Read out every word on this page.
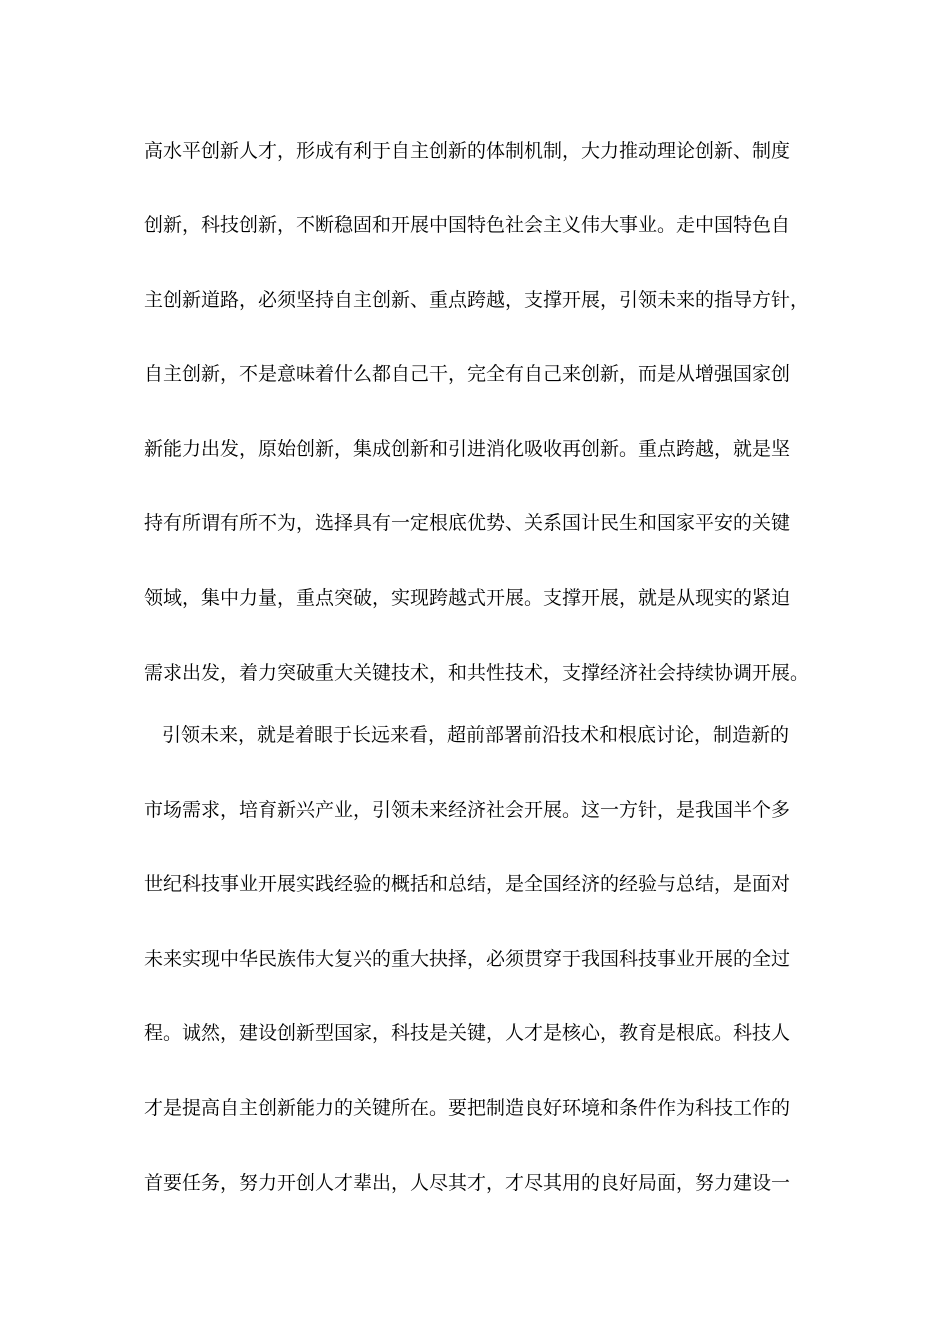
高水平创新人才，形成有利于自主创新的体制机制，大力推动理论创新、制度
创新，科技创新，不断稳固和开展中国特色社会主义伟大事业。走中国特色自
主创新道路，必须坚持自主创新、重点跨越，支撑开展，引领未来的指导方针，
自主创新，不是意味着什么都自己干，完全有自己来创新，而是从增强国家创
新能力出发，原始创新，集成创新和引进消化吸收再创新。重点跨越，就是坚
持有所谓有所不为，选择具有一定根底优势、关系国计民生和国家平安的关键
领域，集中力量，重点突破，实现跨越式开展。支撑开展，就是从现实的紧迫
需求出发，着力突破重大关键技术，和共性技术，支撑经济社会持续协调开展。
引领未来，就是着眼于长远来看，超前部署前沿技术和根底讨论，制造新的
市场需求，培育新兴产业，引领未来经济社会开展。这一方针，是我国半个多
世纪科技事业开展实践经验的概括和总结，是全国经济的经验与总结，是面对
未来实现中华民族伟大复兴的重大抉择，必须贯穿于我国科技事业开展的全过
程。诚然，建设创新型国家，科技是关键，人才是核心，教育是根底。科技人
才是提高自主创新能力的关键所在。要把制造良好环境和条件作为科技工作的
首要任务，努力开创人才辈出，人尽其才，才尽其用的良好局面，努力建设一
